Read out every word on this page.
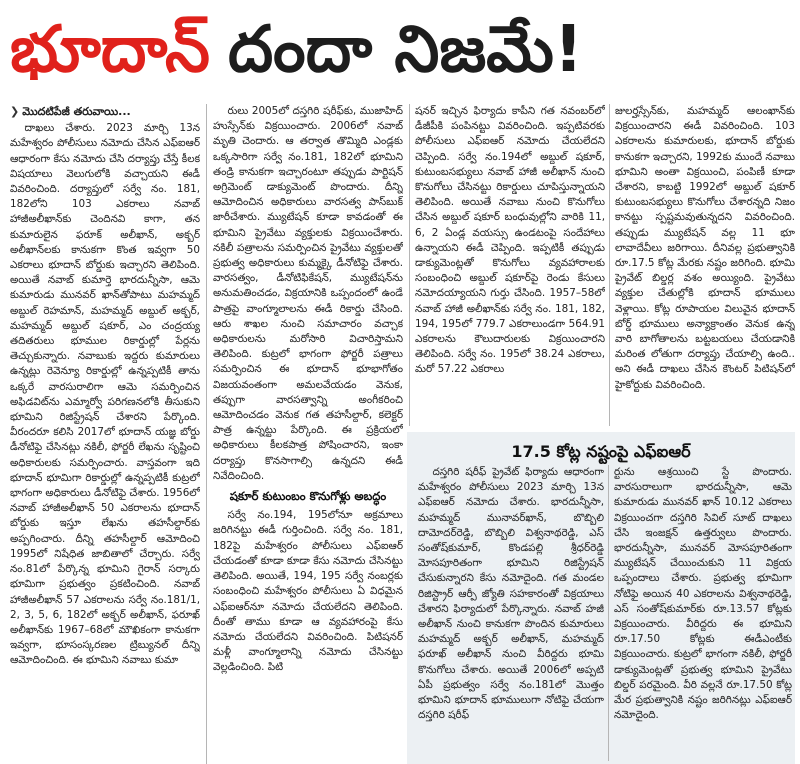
భూదాన్ దందా నిజమే!
❯ మొదటిపేజీ తరువాయి...

దాఖలు చేశారు. 2023 మార్చి 13న మహేశ్వరం పోలీసులు నమోదు చేసిన ఎఫ్ఐఆర్ ఆధారంగా కేసు నమోదు చేసి దర్యాప్తు చేస్తే కీలక విషయాలు వెలుగులోకి వచ్చాయని ఈడీ వివరించింది. దర్యాప్తులో సర్వే నం. 181, 182లోని 103 ఎకరాలు నవాబ్ హాజీఅలీఖాన్‌కు చెందినవి కాగా, తన కుమారులైన ఫరూక్ అలీఖాన్, అక్బర్ అలీఖాన్‌లకు కానుకగా కొంత ఇవ్వగా 50 ఎకరాలు భూదాన్ బోర్డుకు ఇచ్చారని తెలిపింది. అయితే నవాబ్ కుమార్తె భారదున్నీసా, ఆమె కుమారుడు మునవర్ ఖాన్‌తోపాటు మహమ్మద్ అబ్దుల్ రెహమాన్, మహమ్మద్ అబ్దుల్ అక్బర్, మహమ్మద్ అబ్దుల్ షకూర్, ఎం చంద్రయ్య తదితరులు భూముల రికార్డుల్లో పేర్లను తెచ్చుకున్నారు. నవాబుకు ఇద్దరు కుమారులు ఉన్నట్లు రెవెన్యూ రికార్డుల్లో ఉన్నప్పటికీ తాను ఒక్కరే వారసురాలిగా ఆమె సమర్పించిన అఫిడవిట్‌ను ఎమ్మార్వో పరిగణనలోకి తీసుకుని భూమిని రిజిస్ట్రేషన్ చేశారని పేర్కొంది. వీరందరూ కలిసి 2017లో భూదాన్ యజ్ఞ బోర్డు డీనోటిఫై చేసినట్లు నకిలీ, ఫోర్జరీ లేఖను సృష్టించి అధికారులకు సమర్పించారు. వాస్తవంగా ఇది భూదాన్ భూమిగా రికార్డుల్లో ఉన్నప్పటికీ కుట్రలో భాగంగా అధికారులు డీనోటిఫై చేశారు. 1956లో నవాబ్ హాజీఅలీఖాన్ 50 ఎకరాలను భూదాన్ బోర్డుకు ఇస్తూ లేఖను తహసీల్దార్‌కు అప్పగించారు. దీన్ని తహసీల్దార్ ఆమోదించి 1995లో నిషేధిత జాబితాలో చేర్చారు. సర్వే నం.81లో పేర్కొన్న భూమిని గైరాన్ సర్కారు భూమిగా ప్రభుత్వం ప్రకటించింది. నవాబ్ హాజీఅలీఖాన్ 57 ఎకరాలను సర్వే నం.181/1, 2, 3, 5, 6, 182లో అక్బర్ అలీఖాన్, ఫరూఖ్ అలీఖాన్‌కు 1967–68లో మౌఖికంగా కానుకగా ఇవ్వగా, భూసంస్కరణల ట్రిబ్యునల్ దీన్ని ఆమోదించింది. ఈ భూమిని నవాబు కుమా

రులు 2005లో దస్తగిరి షరీఫ్‌కు, ముజాహిద్ హుస్సేన్‌కు విక్రయించారు. 2006లో నవాబ్ మృతి చెందారు. ఆ తర్వాత తొమ్మిది ఎండ్లకు ఒక్కసారిగా సర్వే నం.181, 182లో భూమిని తండ్రి కానుకగా ఇచ్చారంటూ తప్పుడు పార్టిషన్ అగ్రిమెంట్ డాక్యుమెంట్ పొందారు. దీన్ని ఆమోదించిన అధికారులు వారసత్వ పాస్‌బుక్ జారీచేశారు. మ్యుటేషన్ కూడా కావడంతో ఈ భూమిని ప్రైవేటు వ్యక్తులకు విక్రయించేశారు. నకిలీ పత్రాలను సమర్పించిన ప్రైవేటు వ్యక్తులతో ప్రభుత్వ అధికారులు కుమ్మక్కై డీనోటిఫై చేశారు. వారసత్వం, డీనోటిఫికేషన్, మ్యుటేషన్‌ను అనుమతించడం, విక్రయానికి ఒప్పందంలో ఉండే పాత్రపై వాంగ్మూలాలను ఈడీ రికార్డు చేసింది. ఆరు శాఖల నుంచి సమాచారం వచ్చాక అధికారులను మరోసారి విచారిస్తామని తెలిపింది. కుట్రలో భాగంగా ఫోర్జరీ పత్రాలు సమర్పించిన ఈ భూదాన్ భూభాగోతం విజయవంతంగా అమలవేయడం వెనుక, తప్పుగా వారసత్వాన్ని అంగీకరించి ఆమోదించడం వెనుక గత తహసీల్దార్, కలెక్టర్ పాత్ర ఉన్నట్టు పేర్కొంది. ఈ ప్రక్రియలో అధికారులు కీలకపాత్ర పోషించారని, ఇంకా దర్యాప్తు కొనసాగాల్సి ఉన్నదని ఈడీ నివేదించింది.

షకూర్ కుటుంబం కొనుగోళ్లు అబద్ధం

సర్వే నం.194, 195లోనూ అక్రమాలు జరిగినట్టు ఈడీ గుర్తించింది. సర్వే నం. 181, 182పై మహేశ్వరం పోలీసులు ఎఫ్ఐఆర్ చేయడంతో కూడా కూడా కేసు నమోదు చేసినట్టు తెలిపింది. అయితే, 194, 195 సర్వే నంబర్లకు సంబంధించి మహేశ్వరం పోలీసులు ఏ విధమైన ఎఫ్ఐఆర్‌నూ నమోదు చేయలేదని తెలిపింది. దీంతో తాము కూడా ఆ వ్యవహారంపై కేసు నమోదు చేయలేదని వివరించింది. పిటిషనర్ మళ్లీ వాంగ్మూలాన్ని నమోదు చేసినట్టు వెల్లడించింది. పిటి

షనర్ ఇచ్చిన ఫిర్యాదు కాపీని గత నవంబర్‌లో డీజీపీకి పంపినట్టు వివరించింది. ఇప్పటివరకు పోలీసులు ఎఫ్ఐఆర్ నమోదు చేయలేదని చెప్పింది. సర్వే నం.194లో అబ్దుల్ షకూర్, కుటుంబసభ్యులు నవాబ్ హాజీ అలీఖాన్ నుంచి కొనుగోలు చేసినట్టు రికార్డులు చూపిస్తున్నాయని తెలిపింది. అయితే నవాబు నుంచి కొనుగోలు చేసిన అబ్దుల్ షకూర్ బంధువుల్లోని వారికి 11, 6, 2 ఏండ్ల వయస్సు ఉండటంపై సందేహాలు ఉన్నాయని ఈడీ చెప్పింది. ఇప్పటికీ తప్పుడు డాక్యుమెంట్లతో కొనుగోలు వ్యవహారాలకు సంబంధించి అబ్దుల్ షకూర్‌పై రెండు కేసులు నమోదయ్యాయని గుర్తు చేసింది. 1957–58లో నవాబ్ హాజీ అలీఖాన్‌కు సర్వే నం. 181, 182, 194, 195లో 779.7 ఎకరాలుండగా 564.91 ఎకరాలను కౌలుదారులకు విక్రయించారని తెలిపింది. సర్వే నం. 195లో 38.24 ఎకరాలు, మరో 57.22 ఎకరాలు

జులర్హస్సేన్‌కు, మహమ్మద్ ఆలంఖాన్‌కు విక్రయించారని ఈడీ వివరించింది. 103 ఎకరాలను కుమారులకు, భూదాన్ బోర్డుకు కానుకగా ఇచ్చారని, 1992కు ముందే నవాబు భూమిని అంతా విక్రయించి, పంపిణీ కూడా చేశారని, కాబట్టి 1992లో అబ్దుల్ షకూర్ కుటుంబసభ్యులు కొనుగోలు చేశారన్నది నిజం కానట్టు స్పష్టమవుతున్నదని వివరించింది. తప్పుడు మ్యుటేషన్ వల్ల 11 భూ లావాదేవీలు జరిగాయి. దీనివల్ల ప్రభుత్వానికి రూ.17.5 కోట్ల మేరకు నష్టం జరిగింది. భూమి ప్రైవేట్ బిల్డర్ల వశం అయ్యింది. ప్రైవేటు వ్యక్తుల చేతుల్లోకి భూదాన్ భూములు వెళ్లాయి. కోట్ల రూపాయల విలువైన భూదాన్ బోర్డ్ భూములు అన్యాక్రాంతం వెనుక ఉన్న వారి బాగోతాలను బట్టబయలు చేయడానికి మరింత లోతుగా దర్యాప్తు చేయాల్సి ఉంది.. అని ఈడీ దాఖలు చేసిన కౌంటర్ పిటిషన్‌లో హైకోర్టుకు వివరించింది.

17.5 కోట్ల నష్టంపై ఎఫ్ఐఆర్

దస్తగిరి షరీఫ్ ప్రైవేట్ ఫిర్యాదు ఆధారంగా మహేశ్వరం పోలీసులు 2023 మార్చి 13న ఎఫ్ఐఆర్ నమోదు చేశారు. భారదున్నీసా, మహమ్మద్ మునావర్‌ఖాన్, బొబ్బిలి దామోదర్‌రెడ్డి, బొబ్బిలి విశ్వనాథరెడ్డి, ఎస్ సంతోష్‌కుమార్, కొండపల్లి శ్రీధర్‌రెడ్డి మోసపూరితంగా భూమిని రిజిస్ట్రేషన్ చేసుకున్నారని కేసు నమోదైంది. గత మండల రిజిస్ట్రార్ ఆర్పీ జ్యోతి సహకారంతో విక్రయాలు చేశారని ఫిర్యాదులో పేర్కొన్నారు. నవాబ్ హజీ అలీఖాన్ నుంచి కానుకగా పొందిన కుమారులు మహమ్మద్ అక్బర్ అలీఖాన్, మహమ్మద్ ఫరూఖ్ అలీఖాన్ నుంచి వీరిద్దరు భూమి కొనుగోలు చేశారు. అయితే 2006లో అప్పటి ఏపీ ప్రభుత్వం సర్వే నం.181లో మొత్తం భూమిని భూదాన్ భూములుగా నోటిఫై చేయగా దస్తగిరి షరీఫ్

ర్టును ఆశ్రయించి స్టే పొందారు. వారసురాలుగా భారదున్నీసా, ఆమె కుమారుడు మునవర్ ఖాన్ 10.12 ఎకరాలు విక్రయించగా దస్తగిరి సివిల్ సూట్ దాఖలు చేసి ఇంజక్షన్ ఉత్తర్వులు పొందారు. భారదున్నీసా, మునవర్ మోసపూరితంగా మ్యుటేషన్ చేయించుకుని 11 విక్రయ ఒప్పందాలు చేశారు. ప్రభుత్వ భూమిగా నోటిఫై అయిన 40 ఎకరాలను విశ్వనాథరెడ్డి, ఎస్ సంతోష్‌కుమార్‌కు రూ.13.57 కోట్లకు విక్రయించారు. వీరిద్దరు ఈ భూమిని రూ.17.50 కోట్లకు ఈడీఎంటీకు విక్రయించారు. కుట్రలో భాగంగా నకిలీ, ఫోర్జరీ డాక్యుమెంట్లతో ప్రభుత్వ భూమిని ప్రైవేటు బిల్డర్ పరమైంది. వీరి వల్లనే రూ.17.50 కోట్ల మేర ప్రభుత్వానికి నష్టం జరిగినట్లు ఎఫ్ఐఆర్ నమోదైంది.
